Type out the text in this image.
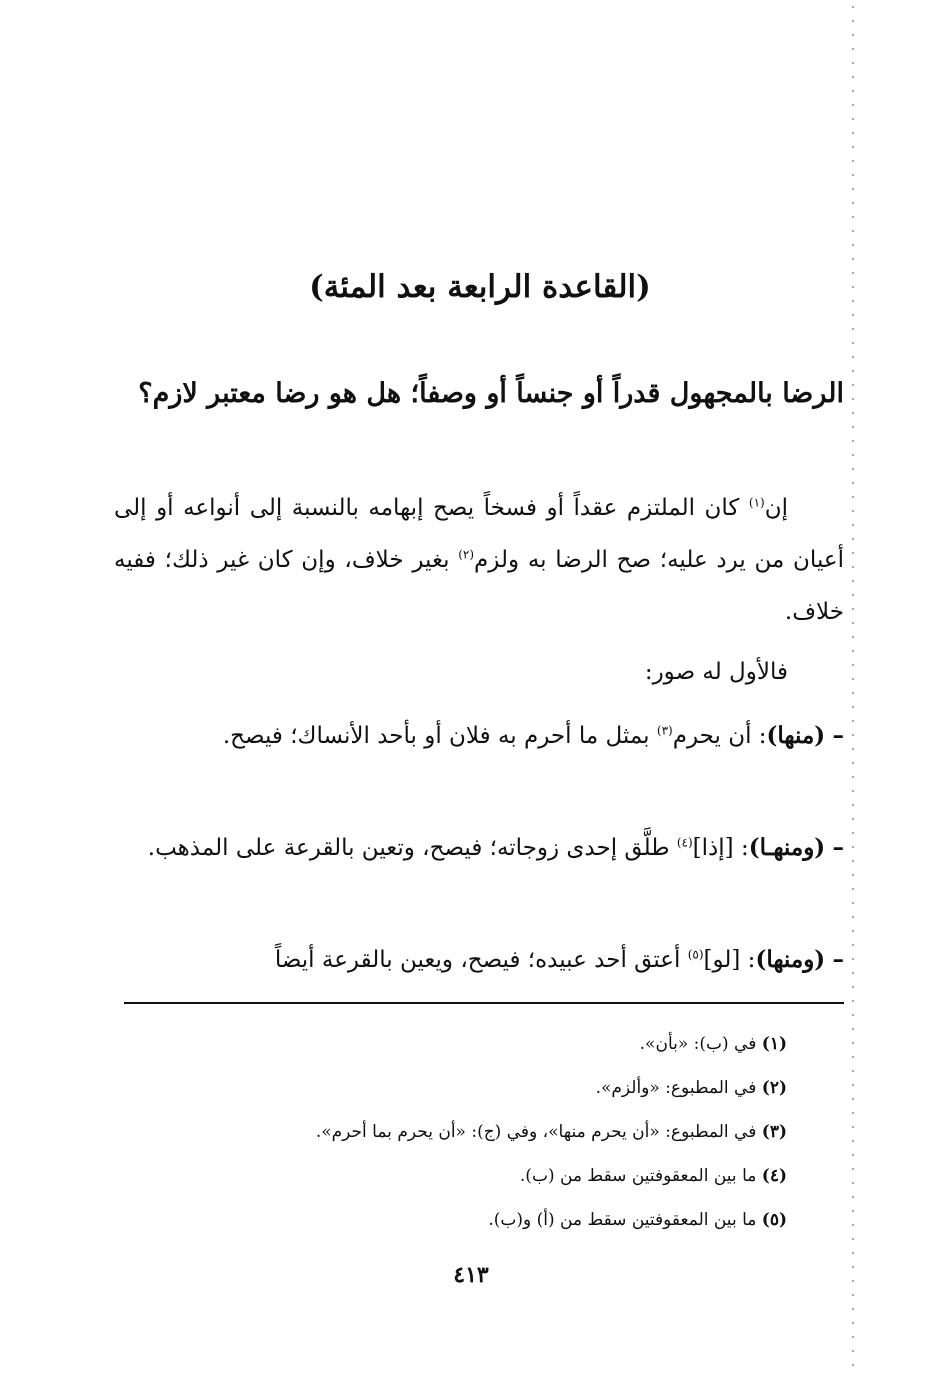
(القاعدة الرابعة بعد المئة)

الرضا بالمجهول قدراً أو جنساً أو وصفاً؛ هل هو رضا معتبر لازم؟

إن$^{(١)}$ كان الملتزم عقداً أو فسخاً يصح إبهامه بالنسبة إلى أنواعه أو إلى أعيان من يرد عليه؛ صح الرضا به ولزم$^{(٢)}$ بغير خلاف، وإن كان غير ذلك؛ ففيه خلاف.

فالأول له صور:

– (منها): أن يحرم$^{(٣)}$ بمثل ما أحرم به فلان أو بأحد الأنساك؛ فيصح.

– (ومنهـا): [إذا]$^{(٤)}$ طلَّق إحدى زوجاته؛ فيصح، وتعين بالقرعة على المذهب.

– (ومنها): [لو]$^{(٥)}$ أعتق أحد عبيده؛ فيصح، ويعين بالقرعة أيضاً

(١) في (ب): «بأن».
(٢) في المطبوع: «وألزم».
(٣) في المطبوع: «أن يحرم منها»، وفي (ج): «أن يحرم بما أحرم».
(٤) ما بين المعقوفتين سقط من (ب).
(٥) ما بين المعقوفتين سقط من (أ) و(ب).
٤١٣
